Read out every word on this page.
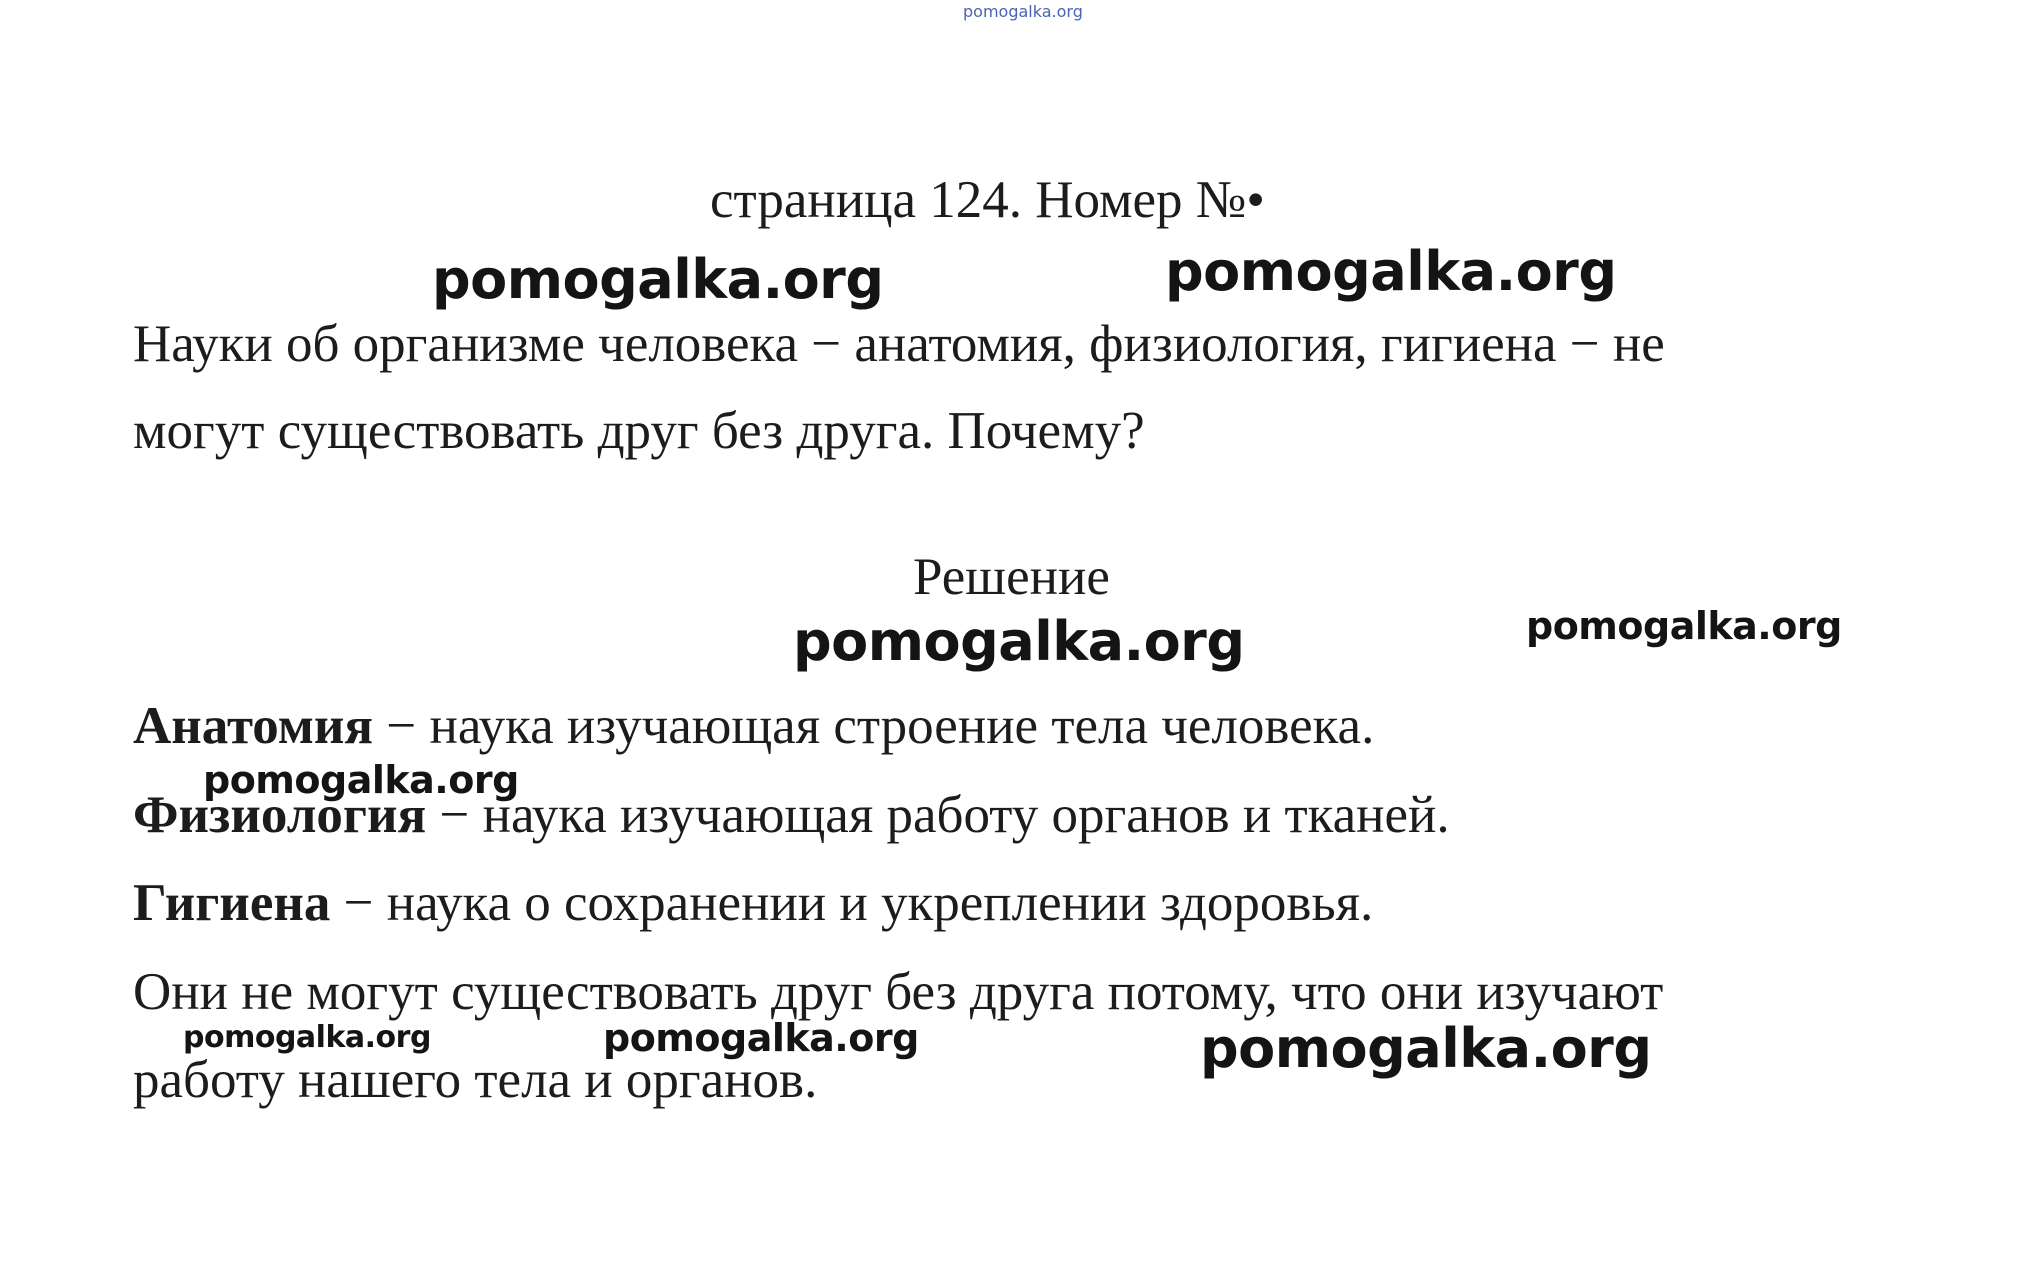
pomogalka.org
страница 124. Номер №•
Науки об организме человека − анатомия, физиология, гигиена − не
могут существовать друг без друга. Почему?
Решение
Анатомия − наука изучающая строение тела человека.
Физиология − наука изучающая работу органов и тканей.
Гигиена − наука о сохранении и укреплении здоровья.
Они не могут существовать друг без друга потому, что они изучают
работу нашего тела и органов.
pomogalka.org	pomogalka.org
pomogalka.org	pomogalka.org
pomogalka.org
pomogalka.org	pomogalka.org	pomogalka.org
